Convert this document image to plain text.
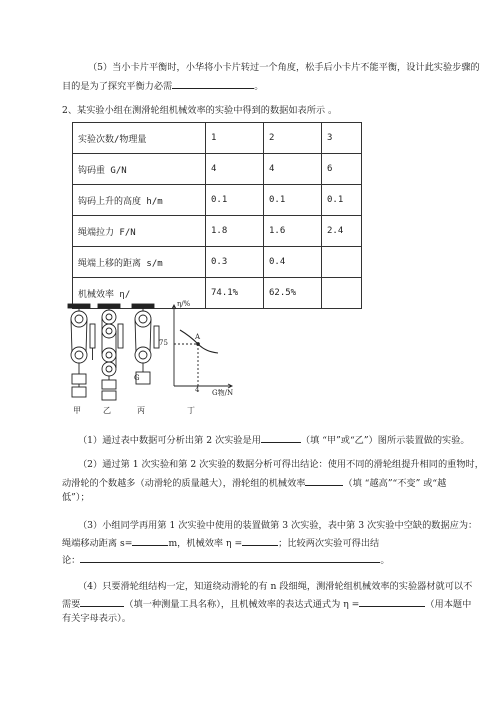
（5）当小卡片平衡时，小华将小卡片转过一个角度，松手后小卡片不能平衡，设计此实验步骤的
目的是为了探究平衡力必需	。
2、某实验小组在测滑轮组机械效率的实验中得到的数据如表所示 。
实验次数/物理量	1	2	3
钩码重 G/N	4	4	6
钩码上升的高度 h/m	0.1	0.1	0.1
绳端拉力 F/N	1.8	1.6	2.4
绳端上移的距离 s/m	0.3	0.4	
机械效率 η/	74.1%	62.5%	
甲	乙	丙	丁
G
η/%
G物/N
75
4
A
（1）通过表中数据可分析出第 2 次实验是用	（填 “甲”或“乙”）图所示装置做的实验。
（2）通过第 1 次实验和第 2 次实验的数据分析可得出结论：使用不同的滑轮组提升相同的重物时，
动滑轮的个数越多（动滑轮的质量越大），滑轮组的机械效率	（填 “越高”“不变” 或“越
低”）；
（3）小组同学再用第 1 次实验中使用的装置做第 3 次实验，表中第 3 次实验中空缺的数据应为：
绳端移动距离 s=	m，机械效率 η =	；比较两次实验可得出结
论：	。
（4）只要滑轮组结构一定，知道绕动滑轮的有 n 段细绳，测滑轮组机械效率的实验器材就可以不
需要	（填一种测量工具名称），且机械效率的表达式通式为 η =	（用本题中
有关字母表示）。
